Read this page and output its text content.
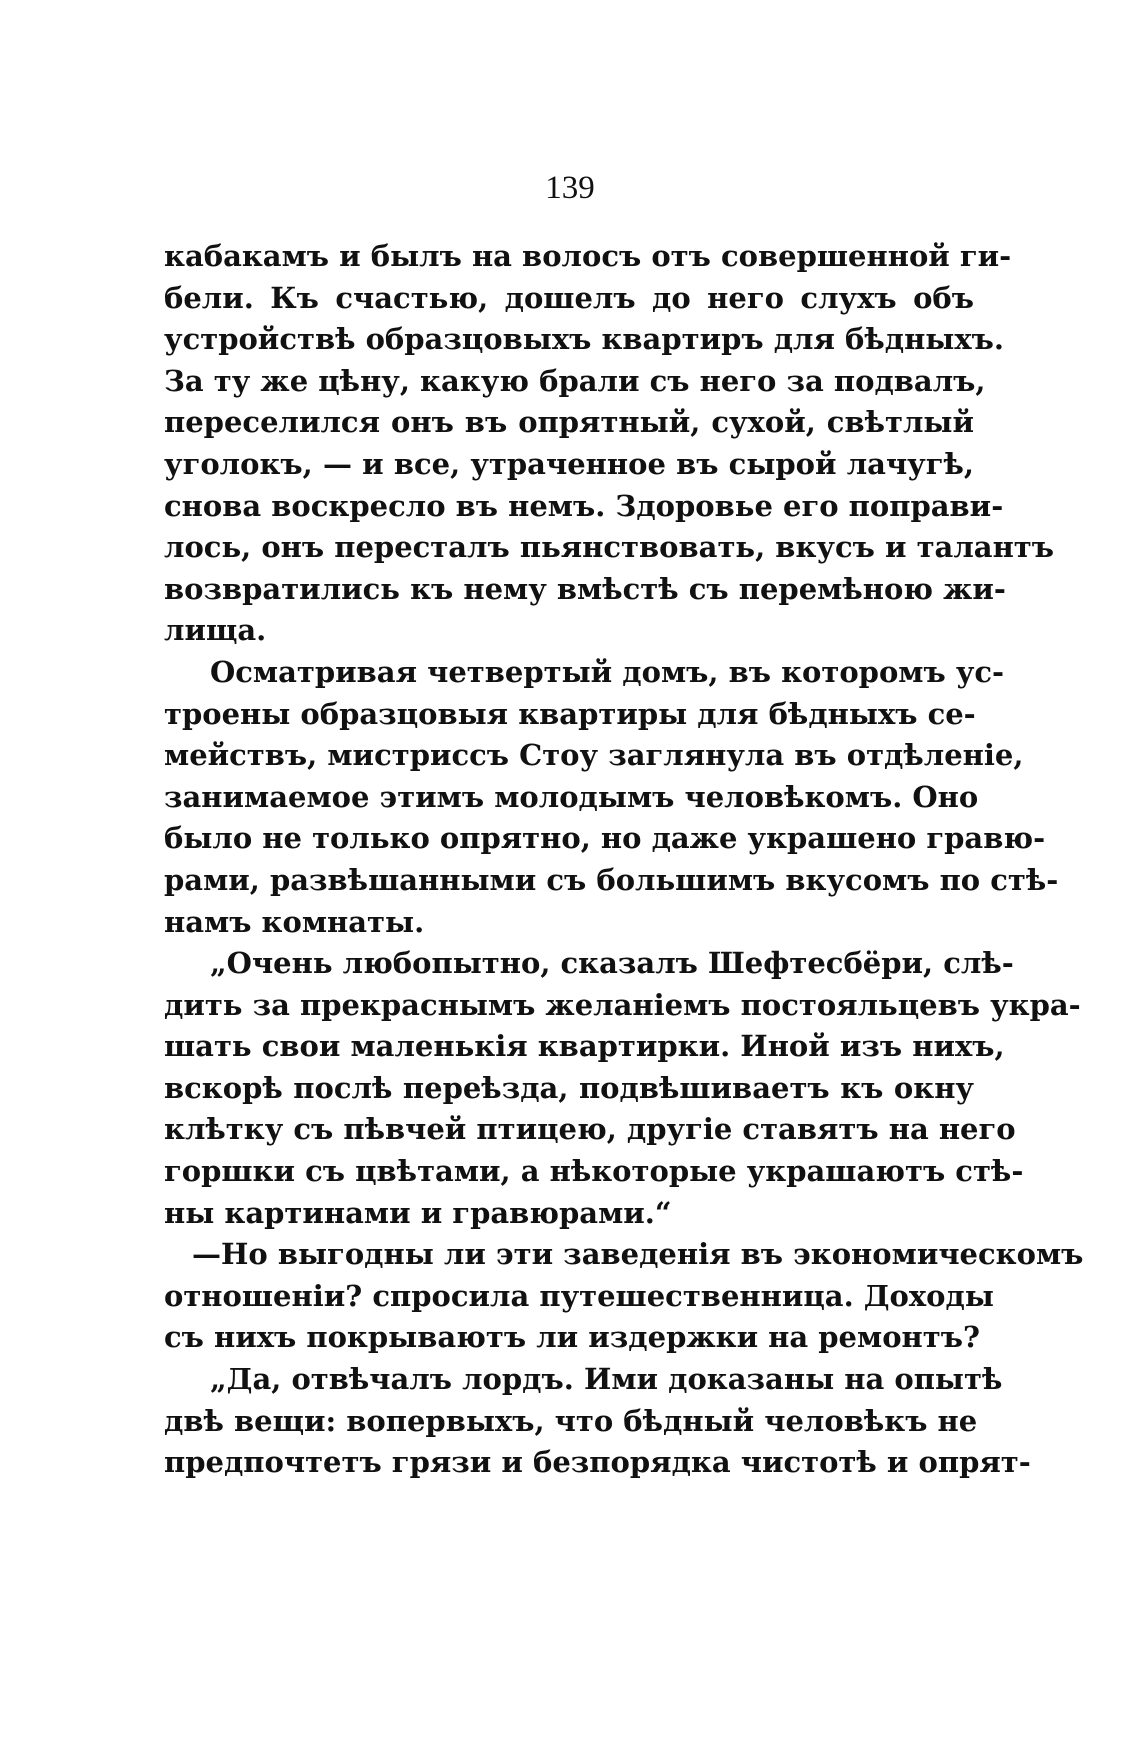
139
кабакамъ и былъ на волосъ отъ совершенной ги-
бели. Къ счастью, дошелъ до него слухъ объ
устройствѣ образцовыхъ квартиръ для бѣдныхъ.
За ту же цѣну, какую брали съ него за подвалъ,
переселился онъ въ опрятный, сухой, свѣтлый
уголокъ, — и все, утраченное въ сырой лачугѣ,
снова воскресло въ немъ. Здоровье его поправи-
лось, онъ пересталъ пьянствовать, вкусъ и талантъ
возвратились къ нему вмѣстѣ съ перемѣною жи-
лища.
Осматривая четвертый домъ, въ которомъ ус-
троены образцовыя квартиры для бѣдныхъ се-
мействъ, мистриссъ Стоу заглянула въ отдѣленіе,
занимаемое этимъ молодымъ человѣкомъ. Оно
было не только опрятно, но даже украшено гравю-
рами, развѣшанными съ большимъ вкусомъ по стѣ-
намъ комнаты.
„Очень любопытно, сказалъ Шефтесбёри, слѣ-
дить за прекраснымъ желаніемъ постояльцевъ укра-
шать свои маленькія квартирки. Иной изъ нихъ,
вскорѣ послѣ переѣзда, подвѣшиваетъ къ окну
клѣтку съ пѣвчей птицею, другіе ставятъ на него
горшки съ цвѣтами, а нѣкоторые украшаютъ стѣ-
ны картинами и гравюрами.“
—Но выгодны ли эти заведенія въ экономическомъ
отношеніи? спросила путешественница. Доходы
съ нихъ покрываютъ ли издержки на ремонтъ?
„Да, отвѣчалъ лордъ. Ими доказаны на опытѣ
двѣ вещи: вопервыхъ, что бѣдный человѣкъ не
предпочтетъ грязи и безпорядка чистотѣ и опрят-
